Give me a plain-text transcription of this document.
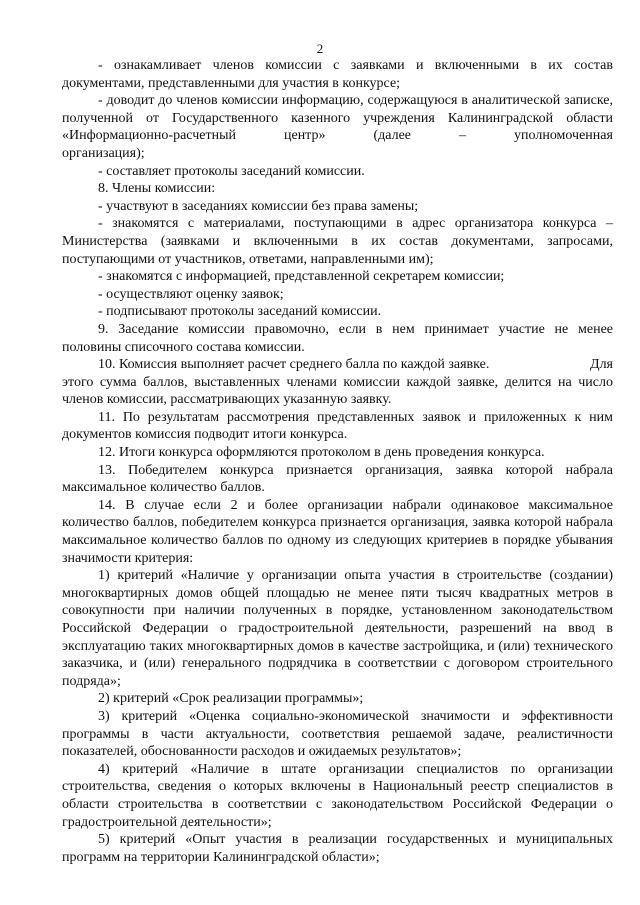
2

- ознакамливает членов комиссии с заявками и включенными в их состав документами, представленными для участия в конкурсе;

- доводит до членов комиссии информацию, содержащуюся в аналитической записке, полученной от Государственного казенного учреждения Калининградской области

«Информационно-расчетный	центр»	(далее	–	уполномоченная

организация);

- составляет протоколы заседаний комиссии.

8. Члены комиссии:

- участвуют в заседаниях комиссии без права замены;

- знакомятся с материалами, поступающими в адрес организатора конкурса – Министерства (заявками и включенными в их состав документами, запросами, поступающими от участников, ответами, направленными им);

- знакомятся с информацией, представленной секретарем комиссии;

- осуществляют оценку заявок;

- подписывают протоколы заседаний комиссии.

9. Заседание комиссии правомочно, если в нем принимает участие не менее половины списочного состава комиссии.

10. Комиссия выполняет расчет среднего балла по каждой заявке.	Для

этого сумма баллов, выставленных членами комиссии каждой заявке, делится на число членов комиссии, рассматривающих указанную заявку.

11. По результатам рассмотрения представленных заявок и приложенных к ним документов комиссия подводит итоги конкурса.

12. Итоги конкурса оформляются протоколом в день проведения конкурса.

13. Победителем конкурса признается организация, заявка которой набрала максимальное количество баллов.

14. В случае если 2 и более организации набрали одинаковое максимальное количество баллов, победителем конкурса признается организация, заявка которой набрала максимальное количество баллов по одному из следующих критериев в порядке убывания значимости критерия:

1) критерий «Наличие у организации опыта участия в строительстве (создании) многоквартирных домов общей площадью не менее пяти тысяч квадратных метров в совокупности при наличии полученных в порядке, установленном законодательством Российской Федерации о градостроительной деятельности, разрешений на ввод в эксплуатацию таких многоквартирных домов в качестве застройщика, и (или) технического заказчика, и (или) генерального подрядчика в соответствии с договором строительного подряда»;

2) критерий «Срок реализации программы»;

3) критерий «Оценка социально-экономической значимости и эффективности программы в части актуальности, соответствия решаемой задаче, реалистичности показателей, обоснованности расходов и ожидаемых результатов»;

4) критерий «Наличие в штате организации специалистов по организации строительства, сведения о которых включены в Национальный реестр специалистов в области строительства в соответствии с законодательством Российской Федерации о градостроительной деятельности»;

5) критерий «Опыт участия в реализации государственных и муниципальных программ на территории Калининградской области»;
